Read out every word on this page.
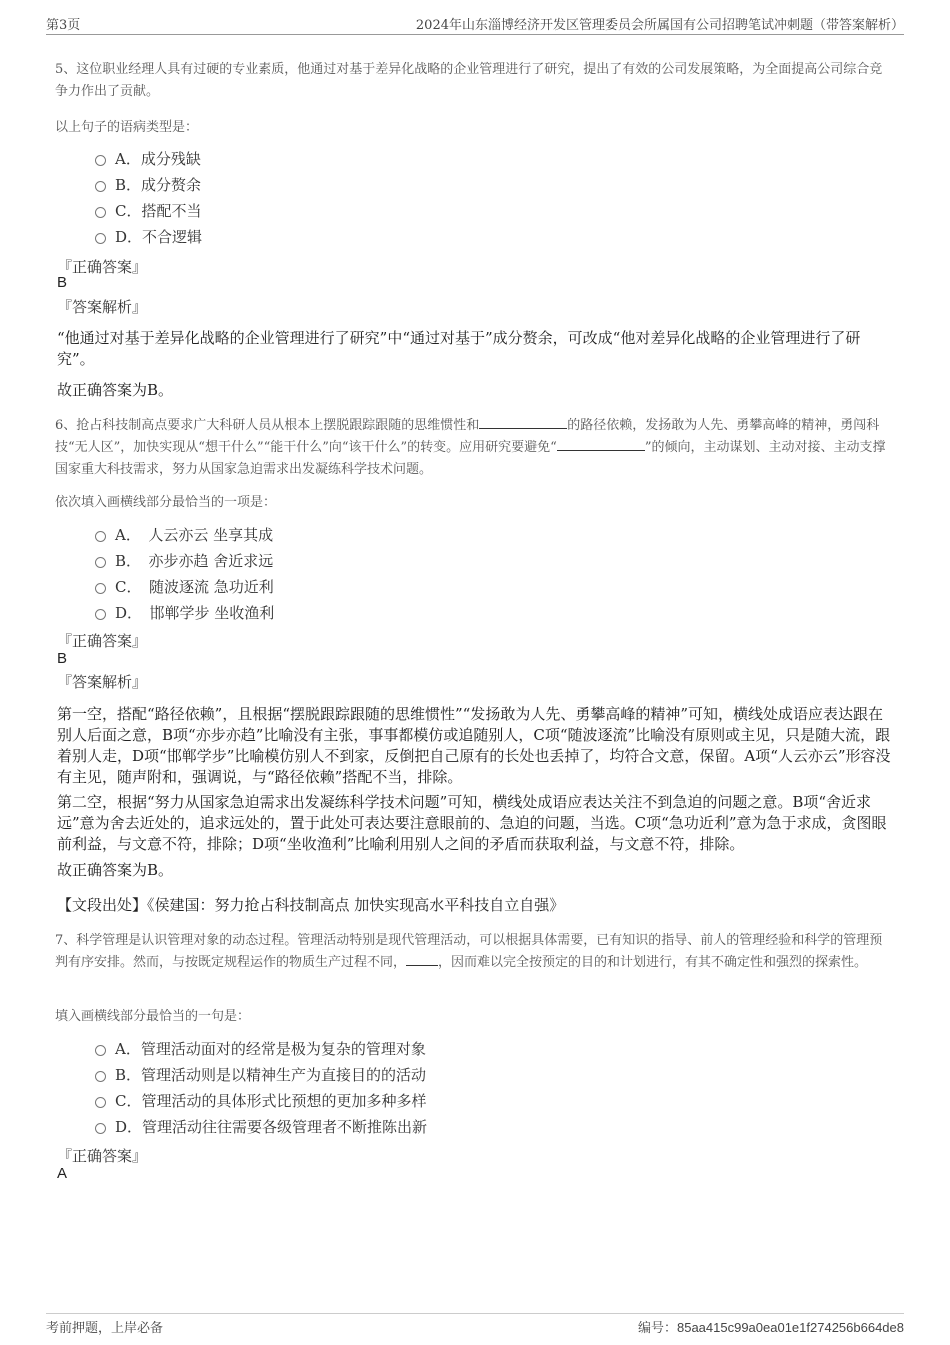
第3页	2024年山东淄博经济开发区管理委员会所属国有公司招聘笔试冲刺题（带答案解析）
5、这位职业经理人具有过硬的专业素质，他通过对基于差异化战略的企业管理进行了研究，提出了有效的公司发展策略，为全面提高公司综合竞争力作出了贡献。
以上句子的语病类型是：
A．成分残缺
B．成分赘余
C．搭配不当
D．不合逻辑
『正确答案』
B
『答案解析』
“他通过对基于差异化战略的企业管理进行了研究”中“通过对基于”成分赘余，可改成“他对差异化战略的企业管理进行了研究”。
故正确答案为B。
6、抢占科技制高点要求广大科研人员从根本上摆脱跟踪跟随的思维惯性和	的路径依赖，发扬敢为人先、勇攀高峰的精神，勇闯科技“无人区”，加快实现从“想干什么”“能干什么”向“该干什么”的转变。应用研究要避免“	”的倾向，主动谋划、主动对接、主动支撑国家重大科技需求，努力从国家急迫需求出发凝练科学技术问题。
依次填入画横线部分最恰当的一项是：
A．　人云亦云 坐享其成
B．　亦步亦趋 舍近求远
C．　随波逐流 急功近利
D．　邯郸学步 坐收渔利
『正确答案』
B
『答案解析』
第一空，搭配“路径依赖”，且根据“摆脱跟踪跟随的思维惯性”“发扬敢为人先、勇攀高峰的精神”可知，横线处成语应表达跟在别人后面之意，B项“亦步亦趋”比喻没有主张，事事都模仿或追随别人，C项“随波逐流”比喻没有原则或主见，只是随大流，跟着别人走，D项“邯郸学步”比喻模仿别人不到家，反倒把自己原有的长处也丢掉了，均符合文意，保留。A项“人云亦云”形容没有主见，随声附和，强调说，与“路径依赖”搭配不当，排除。
第二空，根据“努力从国家急迫需求出发凝练科学技术问题”可知，横线处成语应表达关注不到急迫的问题之意。B项“舍近求远”意为舍去近处的，追求远处的，置于此处可表达要注意眼前的、急迫的问题，当选。C项“急功近利”意为急于求成，贪图眼前利益，与文意不符，排除；D项“坐收渔利”比喻利用别人之间的矛盾而获取利益，与文意不符，排除。
故正确答案为B。
【文段出处】《侯建国：努力抢占科技制高点 加快实现高水平科技自立自强》
7、科学管理是认识管理对象的动态过程。管理活动特别是现代管理活动，可以根据具体需要，已有知识的指导、前人的管理经验和科学的管理预判有序安排。然而，与按既定规程运作的物质生产过程不同， ，因而难以完全按预定的目的和计划进行，有其不确定性和强烈的探索性。
填入画横线部分最恰当的一句是：
A．管理活动面对的经常是极为复杂的管理对象
B．管理活动则是以精神生产为直接目的的活动
C．管理活动的具体形式比预想的更加多种多样
D．管理活动往往需要各级管理者不断推陈出新
『正确答案』
A
考前押题，上岸必备	编号：85aa415c99a0ea01e1f274256b664de8
